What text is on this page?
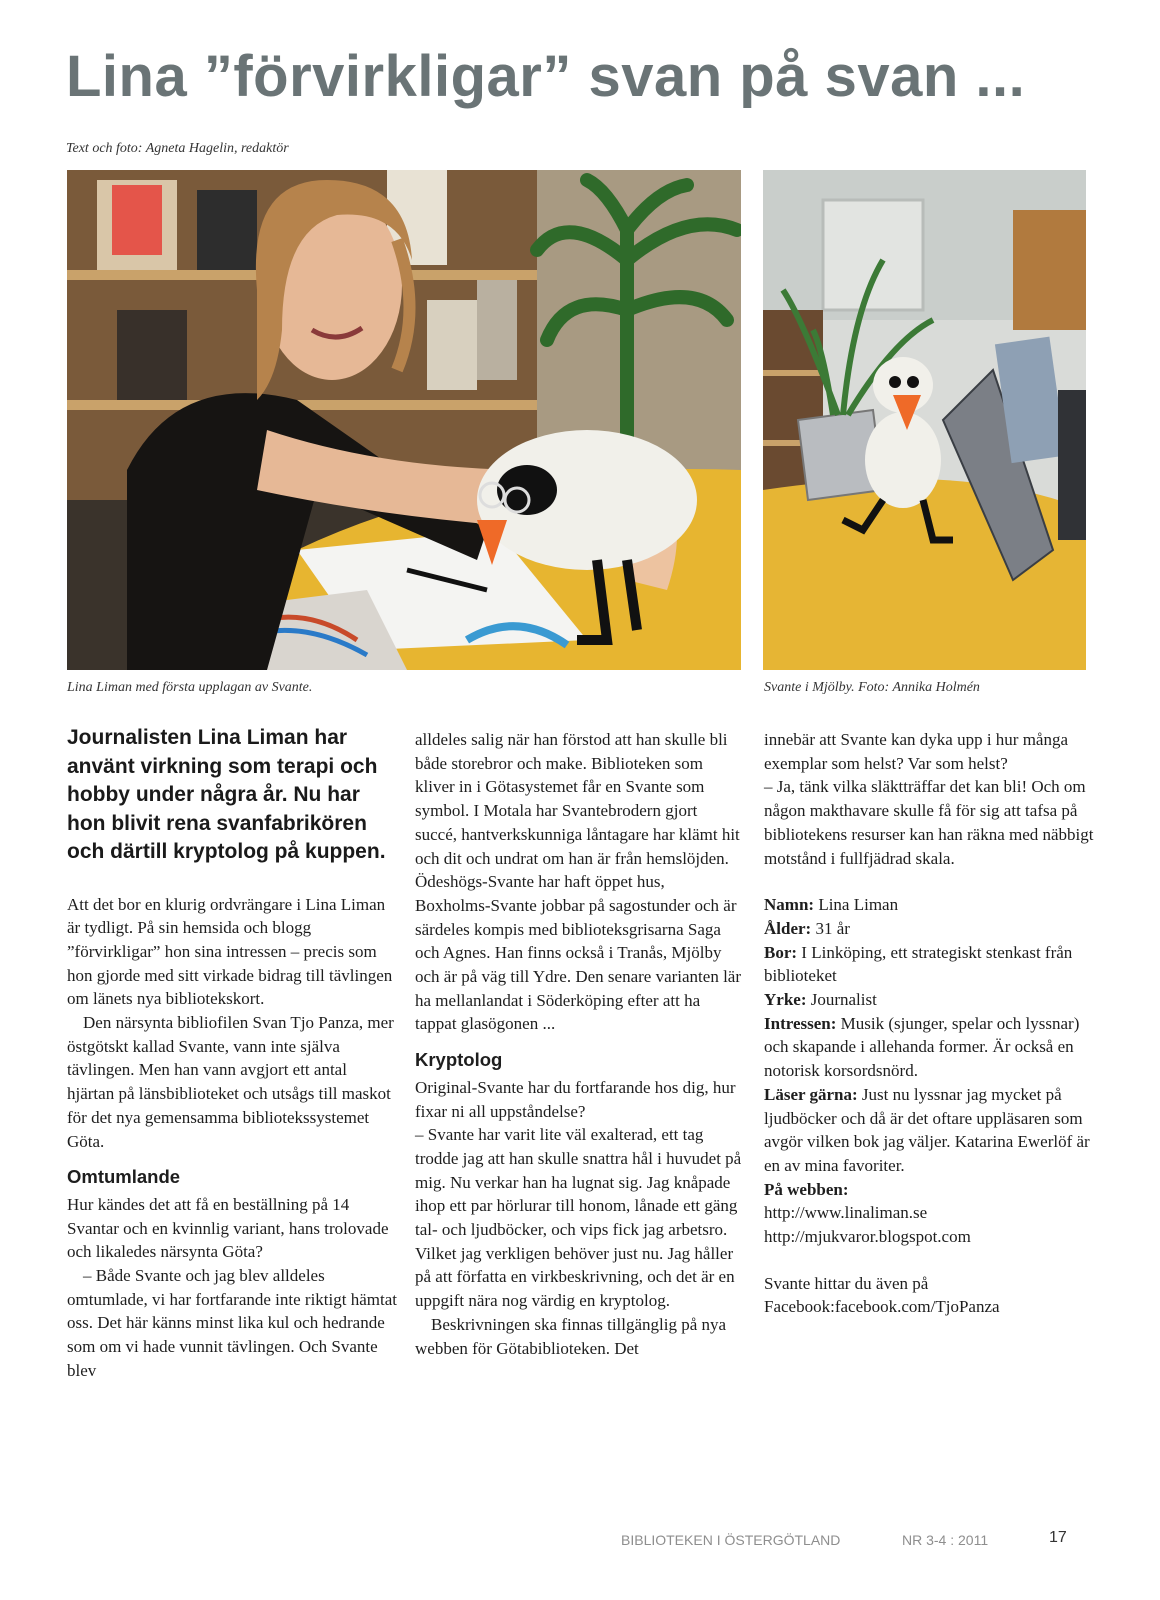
Lina ”förvirkligar” svan på svan ...
Text och foto: Agneta Hagelin, redaktör
Lina Liman med första upplagan av Svante.	Svante i Mjölby. Foto: Annika Holmén

Journalisten Lina Liman har använt virkning som terapi och hobby under några år. Nu har hon blivit rena svanfabrikören och därtill kryptolog på kuppen.

Att det bor en klurig ordvrängare i Lina Liman är tydligt. På sin hemsida och blogg ”förvirkligar” hon sina intressen – precis som hon gjorde med sitt virkade bidrag till tävlingen om länets nya bibliotekskort.

Den närsynta bibliofilen Svan Tjo Panza, mer östgötskt kallad Svante, vann inte själva tävlingen. Men han vann avgjort ett antal hjärtan på länsbiblioteket och utsågs till maskot för det nya gemensamma bibliotekssystemet Göta.

Omtumlande

Hur kändes det att få en beställning på 14 Svantar och en kvinnlig variant, hans trolovade och likaledes närsynta Göta?

– Både Svante och jag blev alldeles omtumlade, vi har fortfarande inte riktigt hämtat oss. Det här känns minst lika kul och hedrande som om vi hade vunnit tävlingen. Och Svante blev

alldeles salig när han förstod att han skulle bli både storebror och make. Biblioteken som kliver in i Götasystemet får en Svante som symbol. I Motala har Svantebrodern gjort succé, hantverkskunniga låntagare har klämt hit och dit och undrat om han är från hemslöjden. Ödeshögs-Svante har haft öppet hus, Boxholms-Svante jobbar på sagostunder och är särdeles kompis med biblioteksgrisarna Saga och Agnes. Han finns också i Tranås, Mjölby och är på väg till Ydre. Den senare varianten lär ha mellanlandat i Söderköping efter att ha tappat glasögonen ...

Kryptolog

Original-Svante har du fortfarande hos dig, hur fixar ni all uppståndelse?

– Svante har varit lite väl exalterad, ett tag trodde jag att han skulle snattra hål i huvudet på mig. Nu verkar han ha lugnat sig. Jag knåpade ihop ett par hörlurar till honom, lånade ett gäng tal- och ljudböcker, och vips fick jag arbetsro. Vilket jag verkligen behöver just nu. Jag håller på att författa en virkbeskrivning, och det är en uppgift nära nog värdig en kryptolog.

Beskrivningen ska finnas tillgänglig på nya webben för Götabiblioteken. Det

innebär att Svante kan dyka upp i hur många exemplar som helst? Var som helst?

– Ja, tänk vilka släktträffar det kan bli! Och om någon makthavare skulle få för sig att tafsa på bibliotekens resurser kan han räkna med näbbigt motstånd i fullfjädrad skala.

Namn: Lina Liman

Ålder: 31 år

Bor: I Linköping, ett strategiskt stenkast från biblioteket

Yrke: Journalist

Intressen: Musik (sjunger, spelar och lyssnar) och skapande i allehanda former. Är också en notorisk korsordsnörd.

Läser gärna: Just nu lyssnar jag mycket på ljudböcker och då är det oftare uppläsaren som avgör vilken bok jag väljer. Katarina Ewerlöf är en av mina favoriter.

På webben:

http://www.linaliman.se

http://mjukvaror.blogspot.com

Svante hittar du även på

Facebook:facebook.com/TjoPanza

BIBLIOTEKEN I ÖSTERGÖTLAND	NR 3-4 : 2011	17
